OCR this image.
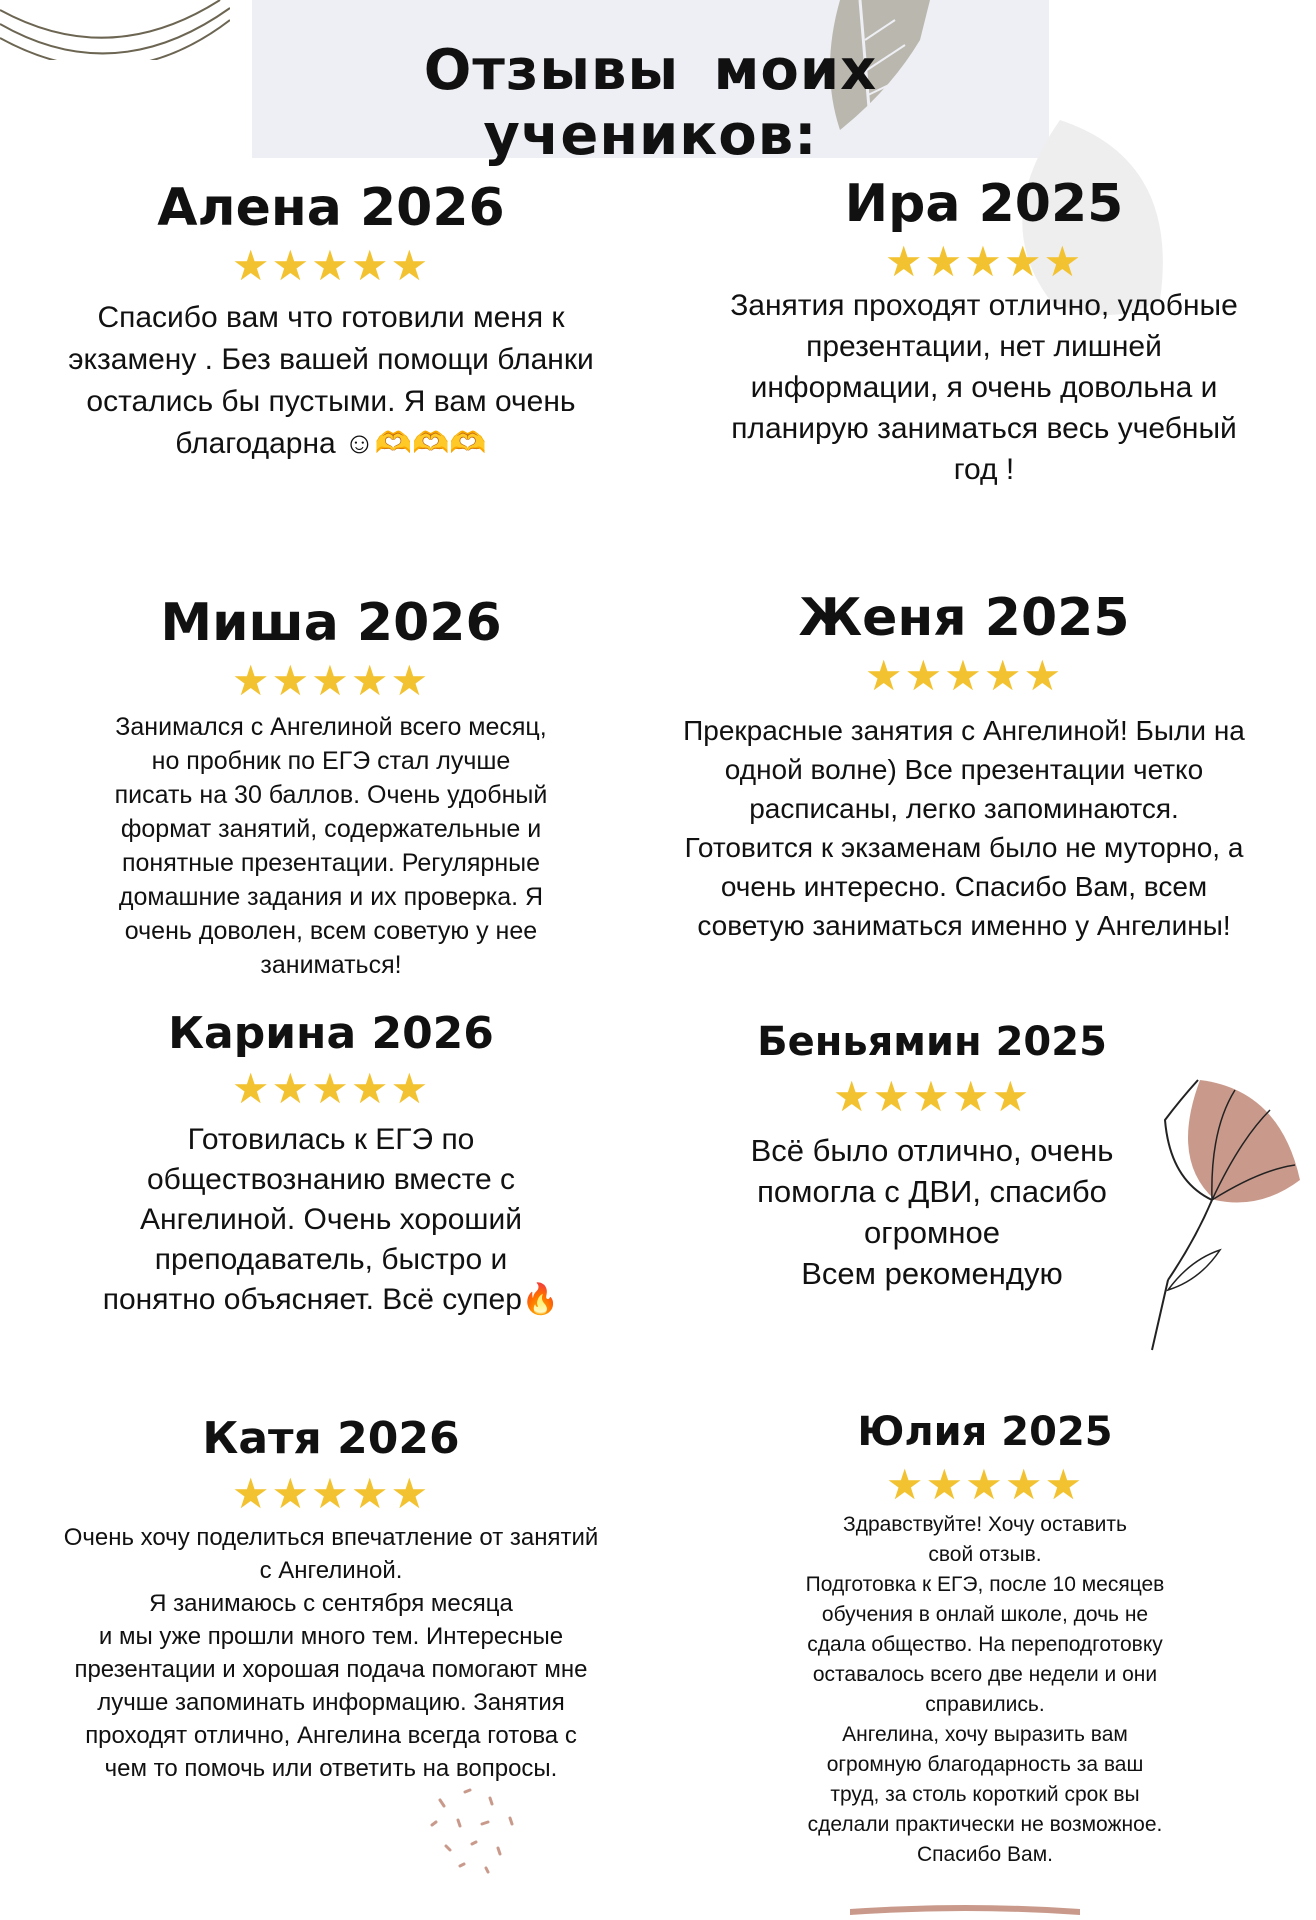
Отзывы моих учеников:

Алена 2026

★★★★★

Спасибо вам что готовили меня к
экзамену . Без вашей помощи бланки
остались бы пустыми. Я вам очень
благодарна ☺🫶🫶🫶

Ира 2025

★★★★★

Занятия проходят отлично, удобные
презентации, нет лишней
информации, я очень довольна и
планирую заниматься весь учебный
год !

Миша 2026

★★★★★

Занимался с Ангелиной всего месяц,
но пробник по ЕГЭ стал лучше
писать на 30 баллов. Очень удобный
формат занятий, содержательные и
понятные презентации. Регулярные
домашние задания и их проверка. Я
очень доволен, всем советую у нее
заниматься!

Женя 2025

★★★★★

Прекрасные занятия с Ангелиной! Были на
одной волне) Все презентации четко
расписаны, легко запоминаются.
Готовится к экзаменам было не муторно, а
очень интересно. Спасибо Вам, всем
советую заниматься именно у Ангелины!

Карина 2026

★★★★★

Готовилась к ЕГЭ по
обществознанию вместе с
Ангелиной. Очень хороший
преподаватель, быстро и
понятно объясняет. Всё супер🔥

Беньямин 2025

★★★★★

Всё было отлично, очень
помогла с ДВИ, спасибо
огромное
Всем рекомендую

Катя 2026

★★★★★

Очень хочу поделиться впечатление от занятий
с Ангелиной.
Я занимаюсь с сентября месяца
и мы уже прошли много тем. Интересные
презентации и хорошая подача помогают мне
лучше запоминать информацию. Занятия
проходят отлично, Ангелина всегда готова с
чем то помочь или ответить на вопросы.

Юлия 2025

★★★★★

Здравствуйте! Хочу оставить
свой отзыв.
Подготовка к ЕГЭ, после 10 месяцев
обучения в онлай школе, дочь не
сдала общество. На переподготовку
оставалось всего две недели и они
справились.
Ангелина, хочу выразить вам
огромную благодарность за ваш
труд, за столь короткий срок вы
сделали практически не возможное.
Спасибо Вам.
